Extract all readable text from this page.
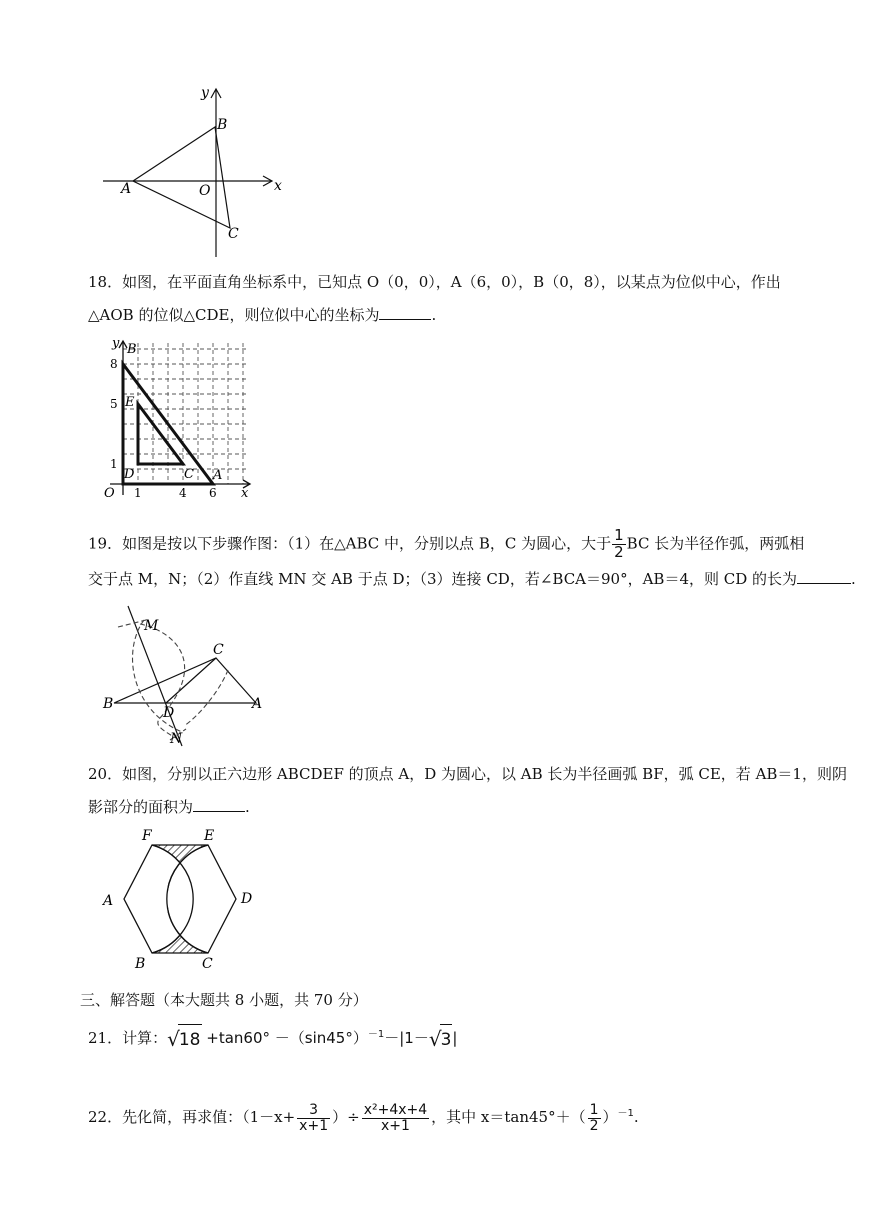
y
x
B
A	O
C
18．如图，在平面直角坐标系中，已知点 O（0，0），A（6，0），B（0，8），以某点为位似中心，作出
△AOB 的位似△CDE，则位似中心的坐标为	.
y B
8
5 E
1
D	C A
O 1	4 6 x
19．如图是按以下步骤作图：（1）在△ABC 中，分别以点 B，C 为圆心，大于 $\frac{1}{2}$ BC 长为半径作弧，两弧相
交于点 M，N；（2）作直线 MN 交 AB 于点 D；（3）连接 CD，若∠BCA＝90°，AB＝4，则 CD 的长为	.
M
C
B
D
A
N
20．如图，分别以正六边形 ABCDEF 的顶点 A，D 为圆心，以 AB 长为半径画弧 BF，弧 CE，若 AB＝1，则阴
影部分的面积为	.
F	E
A	D
B	C
三、解答题（本大题共 8 小题，共 70 分）
21．计算：$√18 +\tan 60^\circ -(\sin 45^\circ)^{-1}-|1-√3|$
22．先化简，再求值：（$1-x+ \frac{3}{x+1}$ ）÷ $\frac{\text{x²+4x+4}}{x+1}$ ，其中 $x=\tan 45^\circ+( \frac{1}{2} )^{-1}$.
